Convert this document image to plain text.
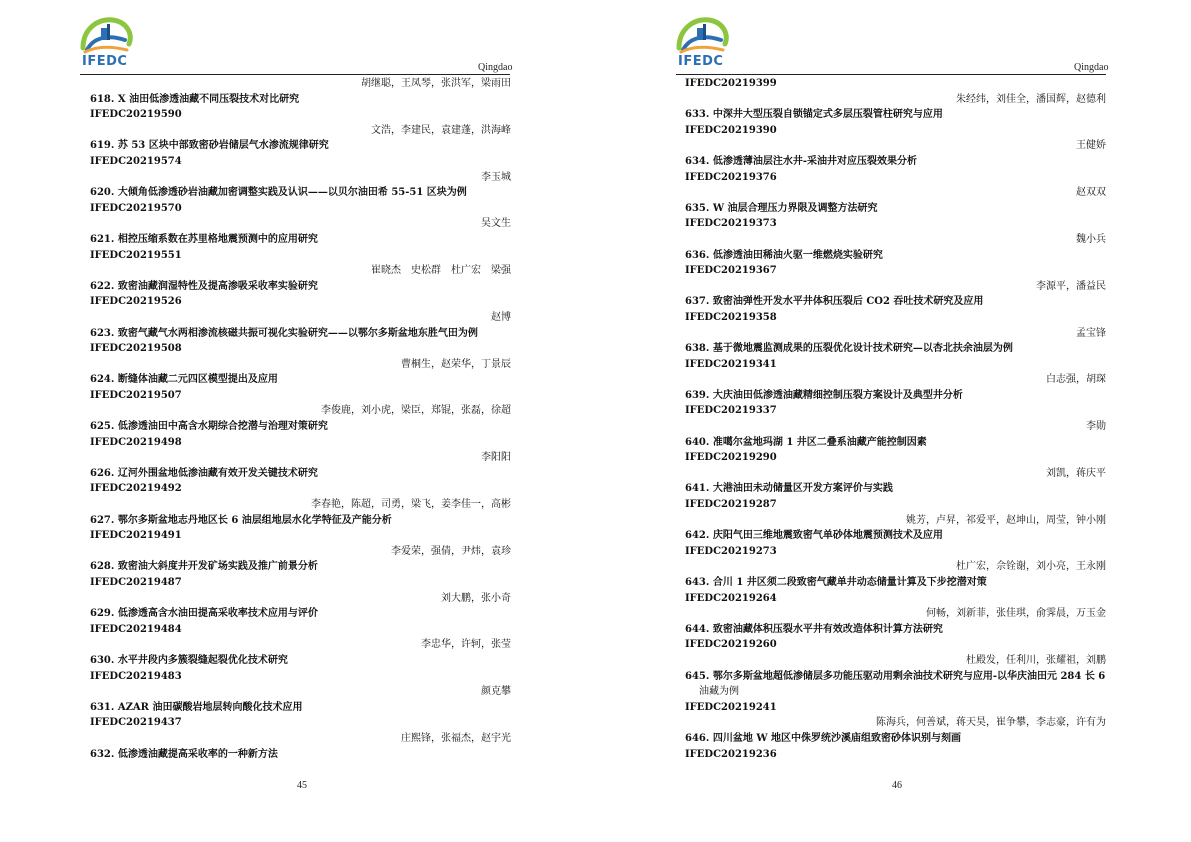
IFEDC	Qingdao
胡继聪，王凤琴，张洪军，梁雨田
618. X 油田低渗透油藏不同压裂技术对比研究
IFEDC20219590
文浩，李建民，袁建蓬，洪海峰
619. 苏 53 区块中部致密砂岩储层气水渗流规律研究
IFEDC20219574
李玉城
620. 大倾角低渗透砂岩油藏加密调整实践及认识——以贝尔油田希 55-51 区块为例
IFEDC20219570
吴文生
621. 相控压缩系数在苏里格地震预测中的应用研究
IFEDC20219551
崔晓杰　史松群　杜广宏　梁强
622. 致密油藏润湿特性及提高渗吸采收率实验研究
IFEDC20219526
赵博
623. 致密气藏气水两相渗流核磁共振可视化实验研究——以鄂尔多斯盆地东胜气田为例
IFEDC20219508
曹桐生，赵荣华，丁景辰
624. 断缝体油藏二元四区模型提出及应用
IFEDC20219507
李俊鹿，刘小虎，梁臣，郑锟，张磊，徐超
625. 低渗透油田中高含水期综合挖潜与治理对策研究
IFEDC20219498
李阳阳
626. 辽河外围盆地低渗油藏有效开发关键技术研究
IFEDC20219492
李春艳，陈超，司勇，梁飞，姜李佳一，高彬
627. 鄂尔多斯盆地志丹地区长 6 油层组地层水化学特征及产能分析
IFEDC20219491
李爱荣，强倩，尹炜，袁珍
628. 致密油大斜度井开发矿场实践及推广前景分析
IFEDC20219487
刘大鹏，张小奇
629. 低渗透高含水油田提高采收率技术应用与评价
IFEDC20219484
李忠华，许轲，张莹
630. 水平井段内多簇裂缝起裂优化技术研究
IFEDC20219483
颜克攀
631. AZAR 油田碳酸岩地层转向酸化技术应用
IFEDC20219437
庄熙锋，张福杰，赵宇光
632. 低渗透油藏提高采收率的一种新方法
45
IFEDC	Qingdao
IFEDC20219399
朱经纬，刘佳全，潘国辉，赵德利
633. 中深井大型压裂自锁锚定式多层压裂管柱研究与应用
IFEDC20219390
王健娇
634. 低渗透薄油层注水井-采油井对应压裂效果分析
IFEDC20219376
赵双双
635. W 油层合理压力界限及调整方法研究
IFEDC20219373
魏小兵
636. 低渗透油田稀油火驱一维燃烧实验研究
IFEDC20219367
李源平，潘益民
637. 致密油弹性开发水平井体积压裂后 CO2 吞吐技术研究及应用
IFEDC20219358
孟宝锋
638. 基于微地震监测成果的压裂优化设计技术研究—以杏北扶余油层为例
IFEDC20219341
白志强，胡琛
639. 大庆油田低渗透油藏精细控制压裂方案设计及典型井分析
IFEDC20219337
李勋
640. 准噶尔盆地玛湖 1 井区二叠系油藏产能控制因素
IFEDC20219290
刘凯，蒋庆平
641. 大港油田未动储量区开发方案评价与实践
IFEDC20219287
姚芳，卢昇，祁爱平，赵坤山，周莹，钟小刚
642. 庆阳气田三维地震致密气单砂体地震预测技术及应用
IFEDC20219273
杜广宏，佘铨谢，刘小亮，王永刚
643. 合川 1 井区须二段致密气藏单井动态储量计算及下步挖潜对策
IFEDC20219264
何畅，刘新菲，张佳琪，俞霁晨，万玉金
644. 致密油藏体积压裂水平井有效改造体积计算方法研究
IFEDC20219260
杜殿发，任利川，张耀祖，刘鹏
645. 鄂尔多斯盆地超低渗储层多功能压驱动用剩余油技术研究与应用-以华庆油田元 284 长 6
油藏为例
IFEDC20219241
陈海兵，何善斌，蒋天昊，崔争攀，李志豪，许有为
646. 四川盆地 W 地区中侏罗统沙溪庙组致密砂体识别与刻画
IFEDC20219236
46
